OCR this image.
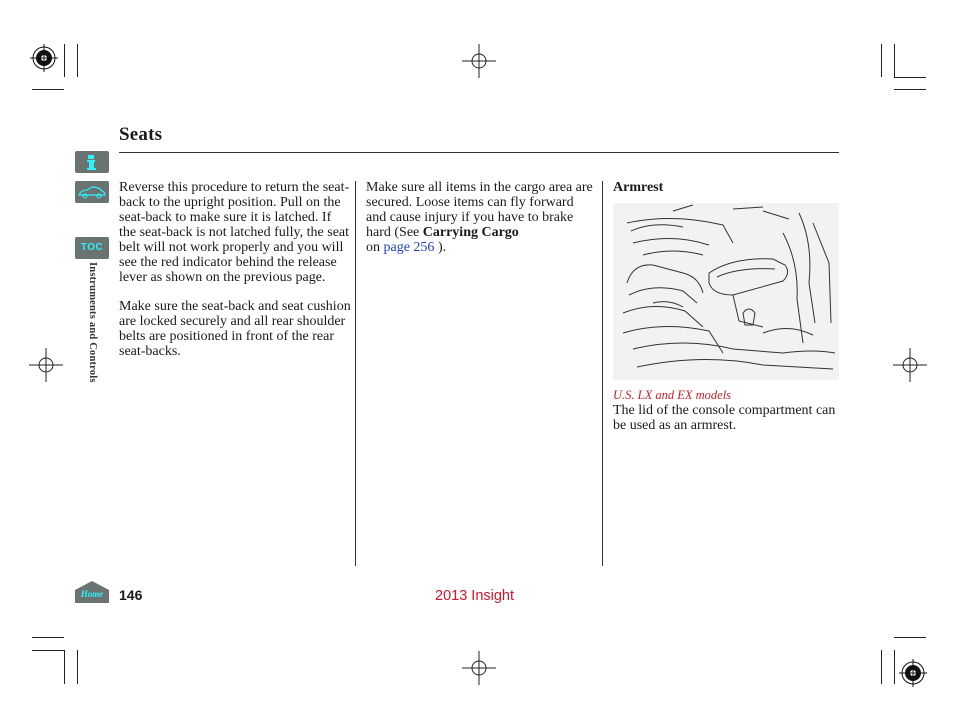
Seats
TOC
Instruments and Controls

Reverse this procedure to return the seat-back to the upright position. Pull on the seat-back to make sure it is latched. If the seat-back is not latched fully, the seat belt will not work properly and you will see the red indicator behind the release lever as shown on the previous page.

Make sure the seat-back and seat cushion are locked securely and all rear shoulder belts are positioned in front of the rear seat-backs.

Make sure all items in the cargo area are secured. Loose items can fly forward and cause injury if you have to brake hard (See Carrying Cargo
on page 256 ).

Armrest
U.S. LX and EX models
The lid of the console compartment can be used as an armrest.
Home 146	2013 Insight
